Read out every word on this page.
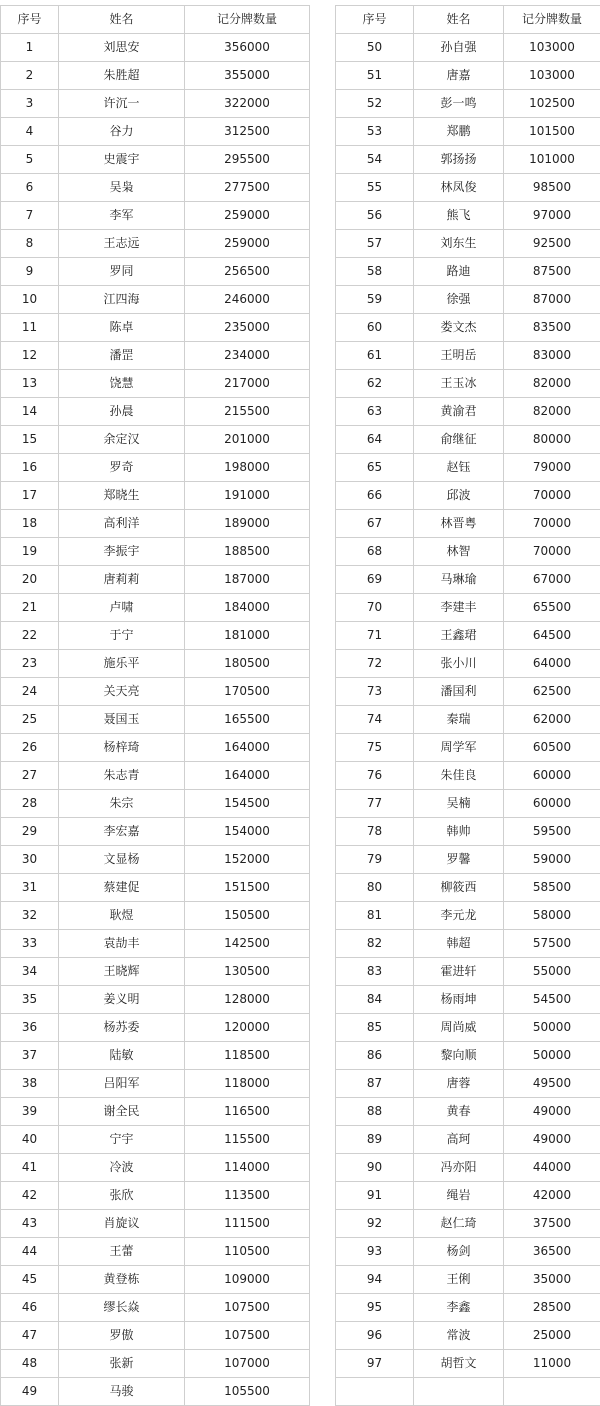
序号	姓名	记分牌数量
1	刘思安	356000
2	朱胜超	355000
3	许沉一	322000
4	谷力	312500
5	史震宇	295500
6	吴枭	277500
7	李军	259000
8	王志远	259000
9	罗同	256500
10	江四海	246000
11	陈卓	235000
12	潘罡	234000
13	饶慧	217000
14	孙晨	215500
15	余定汉	201000
16	罗奇	198000
17	郑晓生	191000
18	高利洋	189000
19	李振宇	188500
20	唐莉莉	187000
21	卢啸	184000
22	于宁	181000
23	施乐平	180500
24	关天亮	170500
25	聂国玉	165500
26	杨梓琦	164000
27	朱志青	164000
28	朱宗	154500
29	李宏嘉	154000
30	文显杨	152000
31	蔡建促	151500
32	耿煜	150500
33	袁劼丰	142500
34	王晓辉	130500
35	姜义明	128000
36	杨苏委	120000
37	陆敏	118500
38	吕阳军	118000
39	谢全民	116500
40	宁宇	115500
41	冷波	114000
42	张欣	113500
43	肖旋议	111500
44	王蕾	110500
45	黄登栋	109000
46	缪长焱	107500
47	罗傲	107500
48	张新	107000
49	马骏	105500
序号	姓名	记分牌数量
50	孙自强	103000
51	唐嘉	103000
52	彭一鸣	102500
53	郑鹏	101500
54	郭扬扬	101000
55	林凤俊	98500
56	熊飞	97000
57	刘东生	92500
58	路迪	87500
59	徐强	87000
60	娄文杰	83500
61	王明岳	83000
62	王玉冰	82000
63	黄渝君	82000
64	俞继征	80000
65	赵钰	79000
66	邱波	70000
67	林晋粤	70000
68	林智	70000
69	马琳瑜	67000
70	李建丰	65500
71	王鑫珺	64500
72	张小川	64000
73	潘国利	62500
74	秦瑞	62000
75	周学军	60500
76	朱佳良	60000
77	吴楠	60000
78	韩帅	59500
79	罗馨	59000
80	柳筱西	58500
81	李元龙	58000
82	韩超	57500
83	霍进轩	55000
84	杨雨坤	54500
85	周尚威	50000
86	黎向顺	50000
87	唐蓉	49500
88	黄春	49000
89	高珂	49000
90	冯亦阳	44000
91	绳岩	42000
92	赵仁琦	37500
93	杨剑	36500
94	王俐	35000
95	李鑫	28500
96	常波	25000
97	胡哲文	11000
